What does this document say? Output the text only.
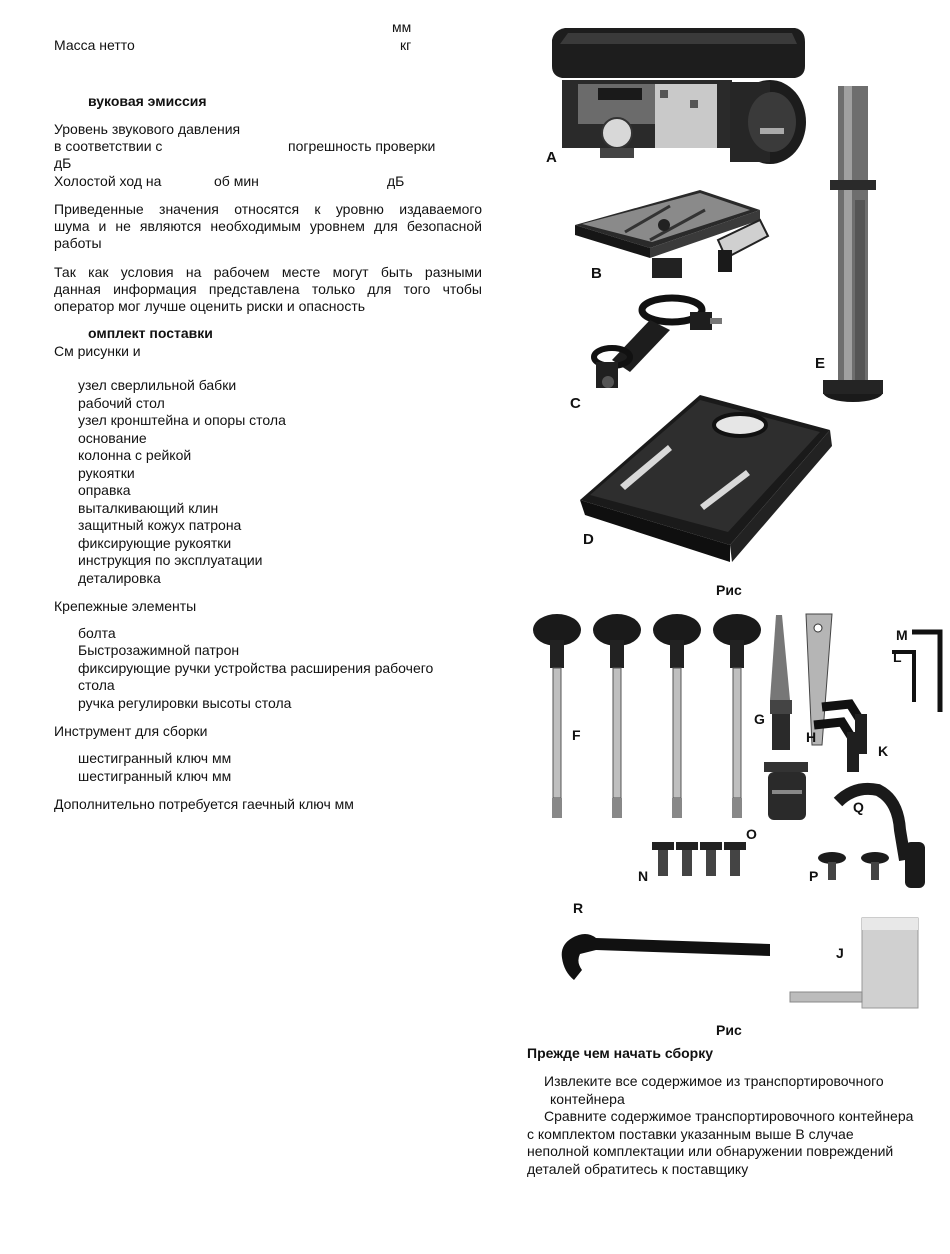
мм
Масса нетто	кг
вуковая эмиссия
Уровень звукового давления
в соответствии с	погрешность проверки
дБ
Холостой ход на	об мин	дБ
Приведенные значения относятся к уровню издаваемого
шума и не являются необходимым уровнем для безопасной
работы
Так как условия на рабочем месте могут быть разными
данная информация представлена только для того чтобы
оператор мог лучше оценить риски и опасность
омплект поставки
См рисунки и
узел сверлильной бабки
рабочий стол
узел кронштейна и опоры стола
основание
колонна с рейкой
рукоятки
оправка
выталкивающий клин
защитный кожух патрона
фиксирующие рукоятки
инструкция по эксплуатации
деталировка
Крепежные элементы
болта
Быстрозажимной патрон
фиксирующие ручки устройства расширения рабочего
стола
ручка регулировки высоты стола
Инструмент для сборки
шестигранный ключ мм
шестигранный ключ мм
Дополнительно потребуется гаечный ключ мм
A
B
C
D
E
Рис
F
G
H
M
L
K
Q
O
N	P
R
J
Рис
Прежде чем начать сборку
Извлеките все содержимое из транспортировочного
контейнера
Сравните содержимое транспортировочного контейнера
с комплектом поставки указанным выше В случае
неполной комплектации или обнаружении повреждений
деталей обратитесь к поставщику
